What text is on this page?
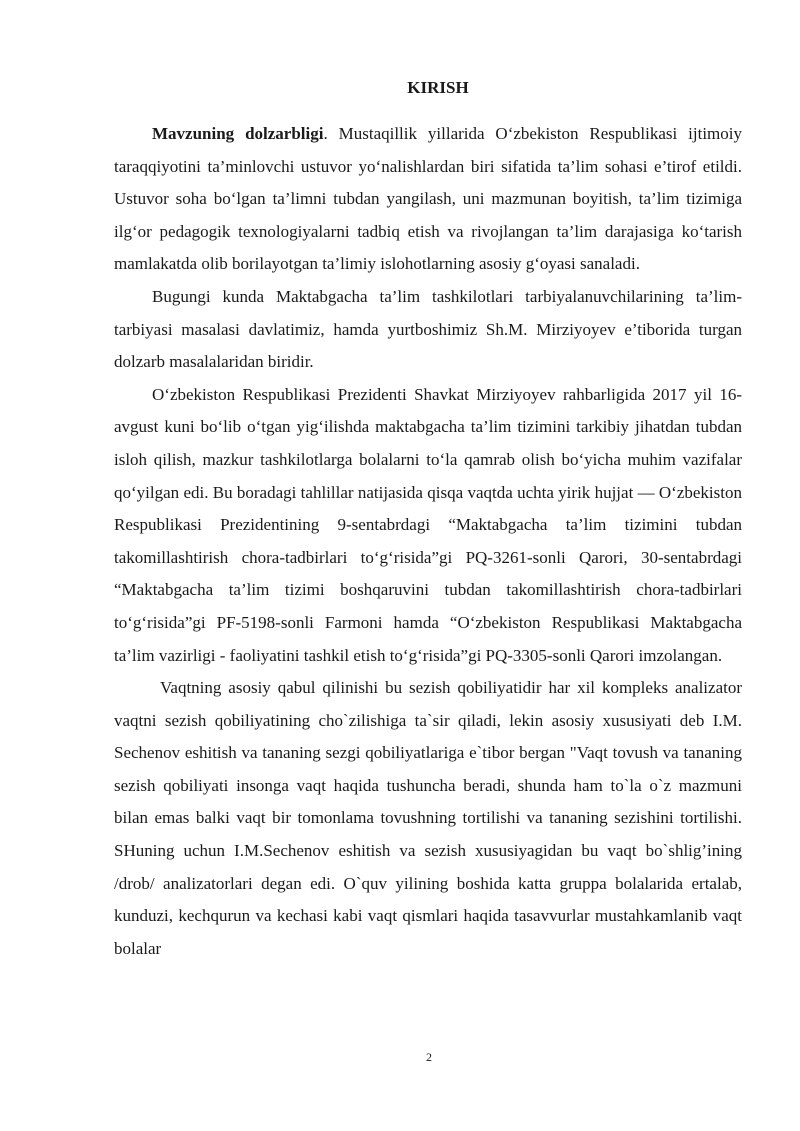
KIRISH

Mavzuning dolzarbligi. Mustaqillik yillarida O‘zbekiston Respublikasi ijtimoiy taraqqiyotini ta’minlovchi ustuvor yo‘nalishlardan biri sifatida ta’lim sohasi e’tirof etildi. Ustuvor soha bo‘lgan ta’limni tubdan yangilash, uni mazmunan boyitish, ta’lim tizimiga ilg‘or pedagogik texnologiyalarni tadbiq etish va rivojlangan ta’lim darajasiga ko‘tarish mamlakatda olib borilayotgan ta’limiy islohotlarning asosiy g‘oyasi sanaladi.

Bugungi kunda Maktabgacha ta’lim tashkilotlari tarbiyalanuvchilarining ta’lim-tarbiyasi masalasi davlatimiz, hamda yurtboshimiz Sh.M. Mirziyoyev e’tiborida turgan dolzarb masalalaridan biridir.

O‘zbekiston Respublikasi Prezidenti Shavkat Mirziyoyev rahbarligida 2017 yil 16-avgust kuni bo‘lib o‘tgan yig‘ilishda maktabgacha ta’lim tizimini tarkibiy jihatdan tubdan isloh qilish, mazkur tashkilotlarga bolalarni to‘la qamrab olish bo‘yicha muhim vazifalar qo‘yilgan edi. Bu boradagi tahlillar natijasida qisqa vaqtda uchta yirik hujjat — O‘zbekiston Respublikasi Prezidentining 9-sentabrdagi “Maktabgacha ta’lim tizimini tubdan takomillashtirish chora-tadbirlari to‘g‘risida”gi PQ-3261-sonli Qarori, 30-sentabrdagi “Maktabgacha ta’lim tizimi boshqaruvini tubdan takomillashtirish chora-tadbirlari to‘g‘risida”gi PF-5198-sonli Farmoni hamda “O‘zbekiston Respublikasi Maktabgacha ta’lim vazirligi - faoliyatini tashkil etish to‘g‘risida”gi PQ-3305-sonli Qarori imzolangan.

Vaqtning asosiy qabul qilinishi bu sezish qobiliyatidir har xil kompleks analizator vaqtni sezish qobiliyatining cho`zilishiga ta`sir qiladi, lekin asosiy xususiyati deb I.M. Sechenov eshitish va tananing sezgi qobiliyatlariga e`tibor bergan "Vaqt tovush va tananing sezish qobiliyati insonga vaqt haqida tushuncha beradi, shunda ham to`la o`z mazmuni bilan emas balki vaqt bir tomonlama tovushning tortilishi va tananing sezishini tortilishi. SHuning uchun I.M.Sechenov eshitish va sezish xususiyagidan bu vaqt bo`shlig’ining /drob/ analizatorlari degan edi. O`quv yilining boshida katta gruppa bolalarida ertalab, kunduzi, kechqurun va kechasi kabi vaqt qismlari haqida tasavvurlar mustahkamlanib vaqt bolalar

2
